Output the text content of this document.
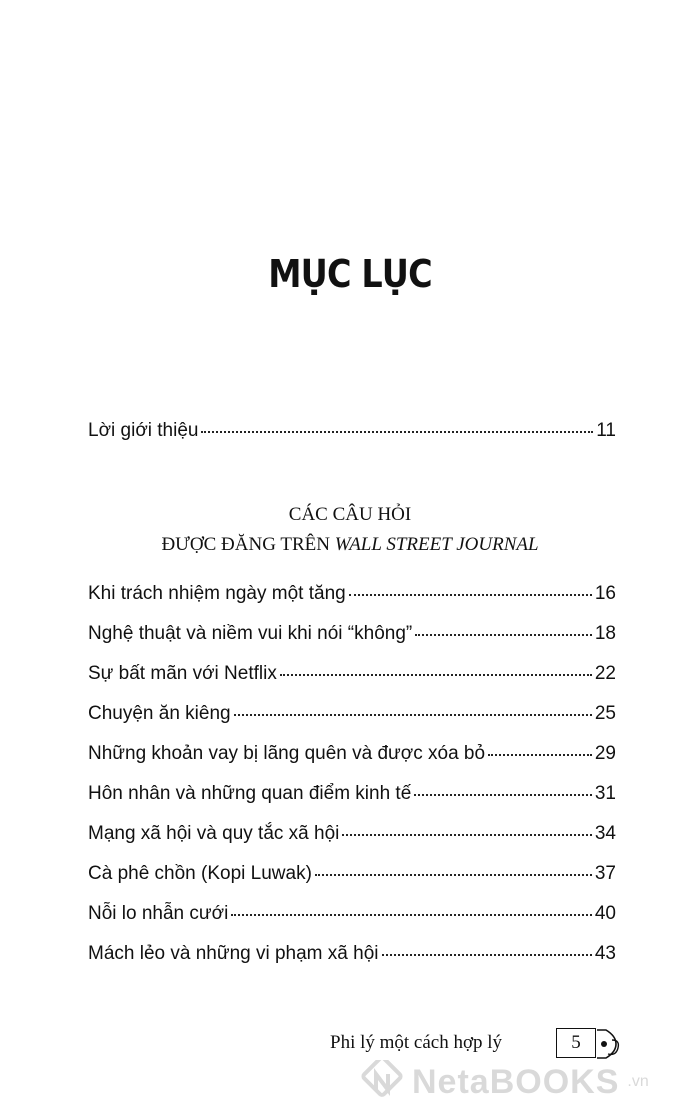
MỤC LỤC
Lời giới thiệu	11
CÁC CÂU HỎI
ĐƯỢC ĐĂNG TRÊN WALL STREET JOURNAL
Khi trách nhiệm ngày một tăng	16
Nghệ thuật và niềm vui khi nói “không”	18
Sự bất mãn với Netflix	22
Chuyện ăn kiêng	25
Những khoản vay bị lãng quên và được xóa bỏ	29
Hôn nhân và những quan điểm kinh tế	31
Mạng xã hội và quy tắc xã hội	34
Cà phê chồn (Kopi Luwak)	37
Nỗi lo nhẫn cưới	40
Mách lẻo và những vi phạm xã hội	43
Phi lý một cách hợp lý	5
NetaBOOKS .vn
